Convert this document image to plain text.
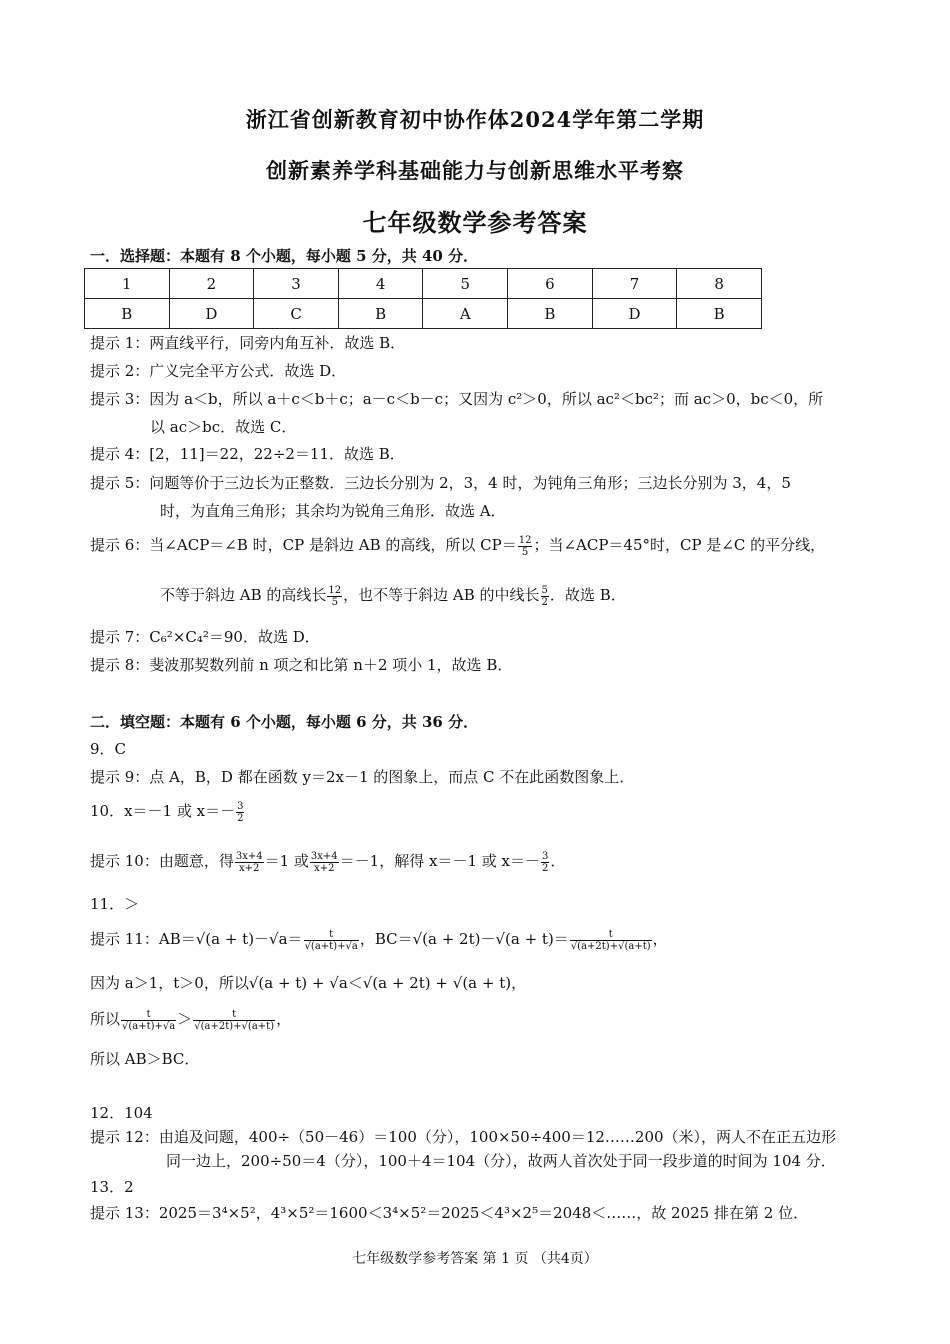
浙江省创新教育初中协作体2024学年第二学期
创新素养学科基础能力与创新思维水平考察
七年级数学参考答案
一．选择题：本题有 8 个小题，每小题 5 分，共 40 分．
1	2	3	4	5	6	7	8
B	D	C	B	A	B	D	B
提示 1：两直线平行，同旁内角互补．故选 B．
提示 2：广义完全平方公式．故选 D．
提示 3：因为 a＜b，所以 a＋c＜b＋c；a－c＜b－c；又因为 c²＞0，所以 ac²＜bc²；而 ac＞0，bc＜0，所
以 ac＞bc．故选 C．
提示 4：[2，11]＝22，22÷2＝11．故选 B．
提示 5：问题等价于三边长为正整数．三边长分别为 2，3，4 时，为钝角三角形；三边长分别为 3，4，5
时，为直角三角形；其余均为锐角三角形．故选 A．
提示 6：当∠ACP＝∠B 时，CP 是斜边 AB 的高线，所以 $CP= \frac{12}{5}$ ；当∠ACP＝45°时，CP 是∠C 的平分线，
不等于斜边 AB 的高线长 $\frac{12}{5}$ ，也不等于斜边 AB 的中线长 $\frac{5}{2}$ ．故选 B．
提示 7：C₆²×C₄²＝90．故选 D．
提示 8：斐波那契数列前 n 项之和比第 n＋2 项小 1，故选 B．
二．填空题：本题有 6 个小题，每小题 6 分，共 36 分．
9．C
提示 9：点 A，B，D 都在函数 y＝2x－1 的图象上，而点 C 不在此函数图象上．
10．x＝－1 或 $x=- \frac{3}{2}$
提示 10：由题意，得 $\frac{3x+4}{x+2} =1$ 或 $\frac{3x+4}{x+2} =-1$，解得 x＝－1 或 $x=- \frac{3}{2}$ ．
11．＞
提示 11：$AB=√(a + t)-√a= \frac{t}{√(a+t)+√a}$ ，$BC=√(a + 2t)-√(a + t)= \frac{t}{√(a+2t)+√(a+t)}$ ，
因为 a＞1，t＞0，所以√(a + t) + √a＜√(a + 2t) + √(a + t)，
所以 $\frac{t}{√(a+t)+√a} > \frac{t}{√(a+2t)+√(a+t)}$ ，
所以 AB＞BC．
12．104
提示 12：由追及问题，400÷（50－46）＝100（分），100×50÷400＝12……200（米），两人不在正五边形
同一边上，200÷50＝4（分），100＋4＝104（分），故两人首次处于同一段步道的时间为 104 分．
13．2
提示 13：2025＝3⁴×5²，4³×5²＝1600＜3⁴×5²＝2025＜4³×2⁵＝2048＜……，故 2025 排在第 2 位．
七年级数学参考答案 第 1 页 （共4页）
